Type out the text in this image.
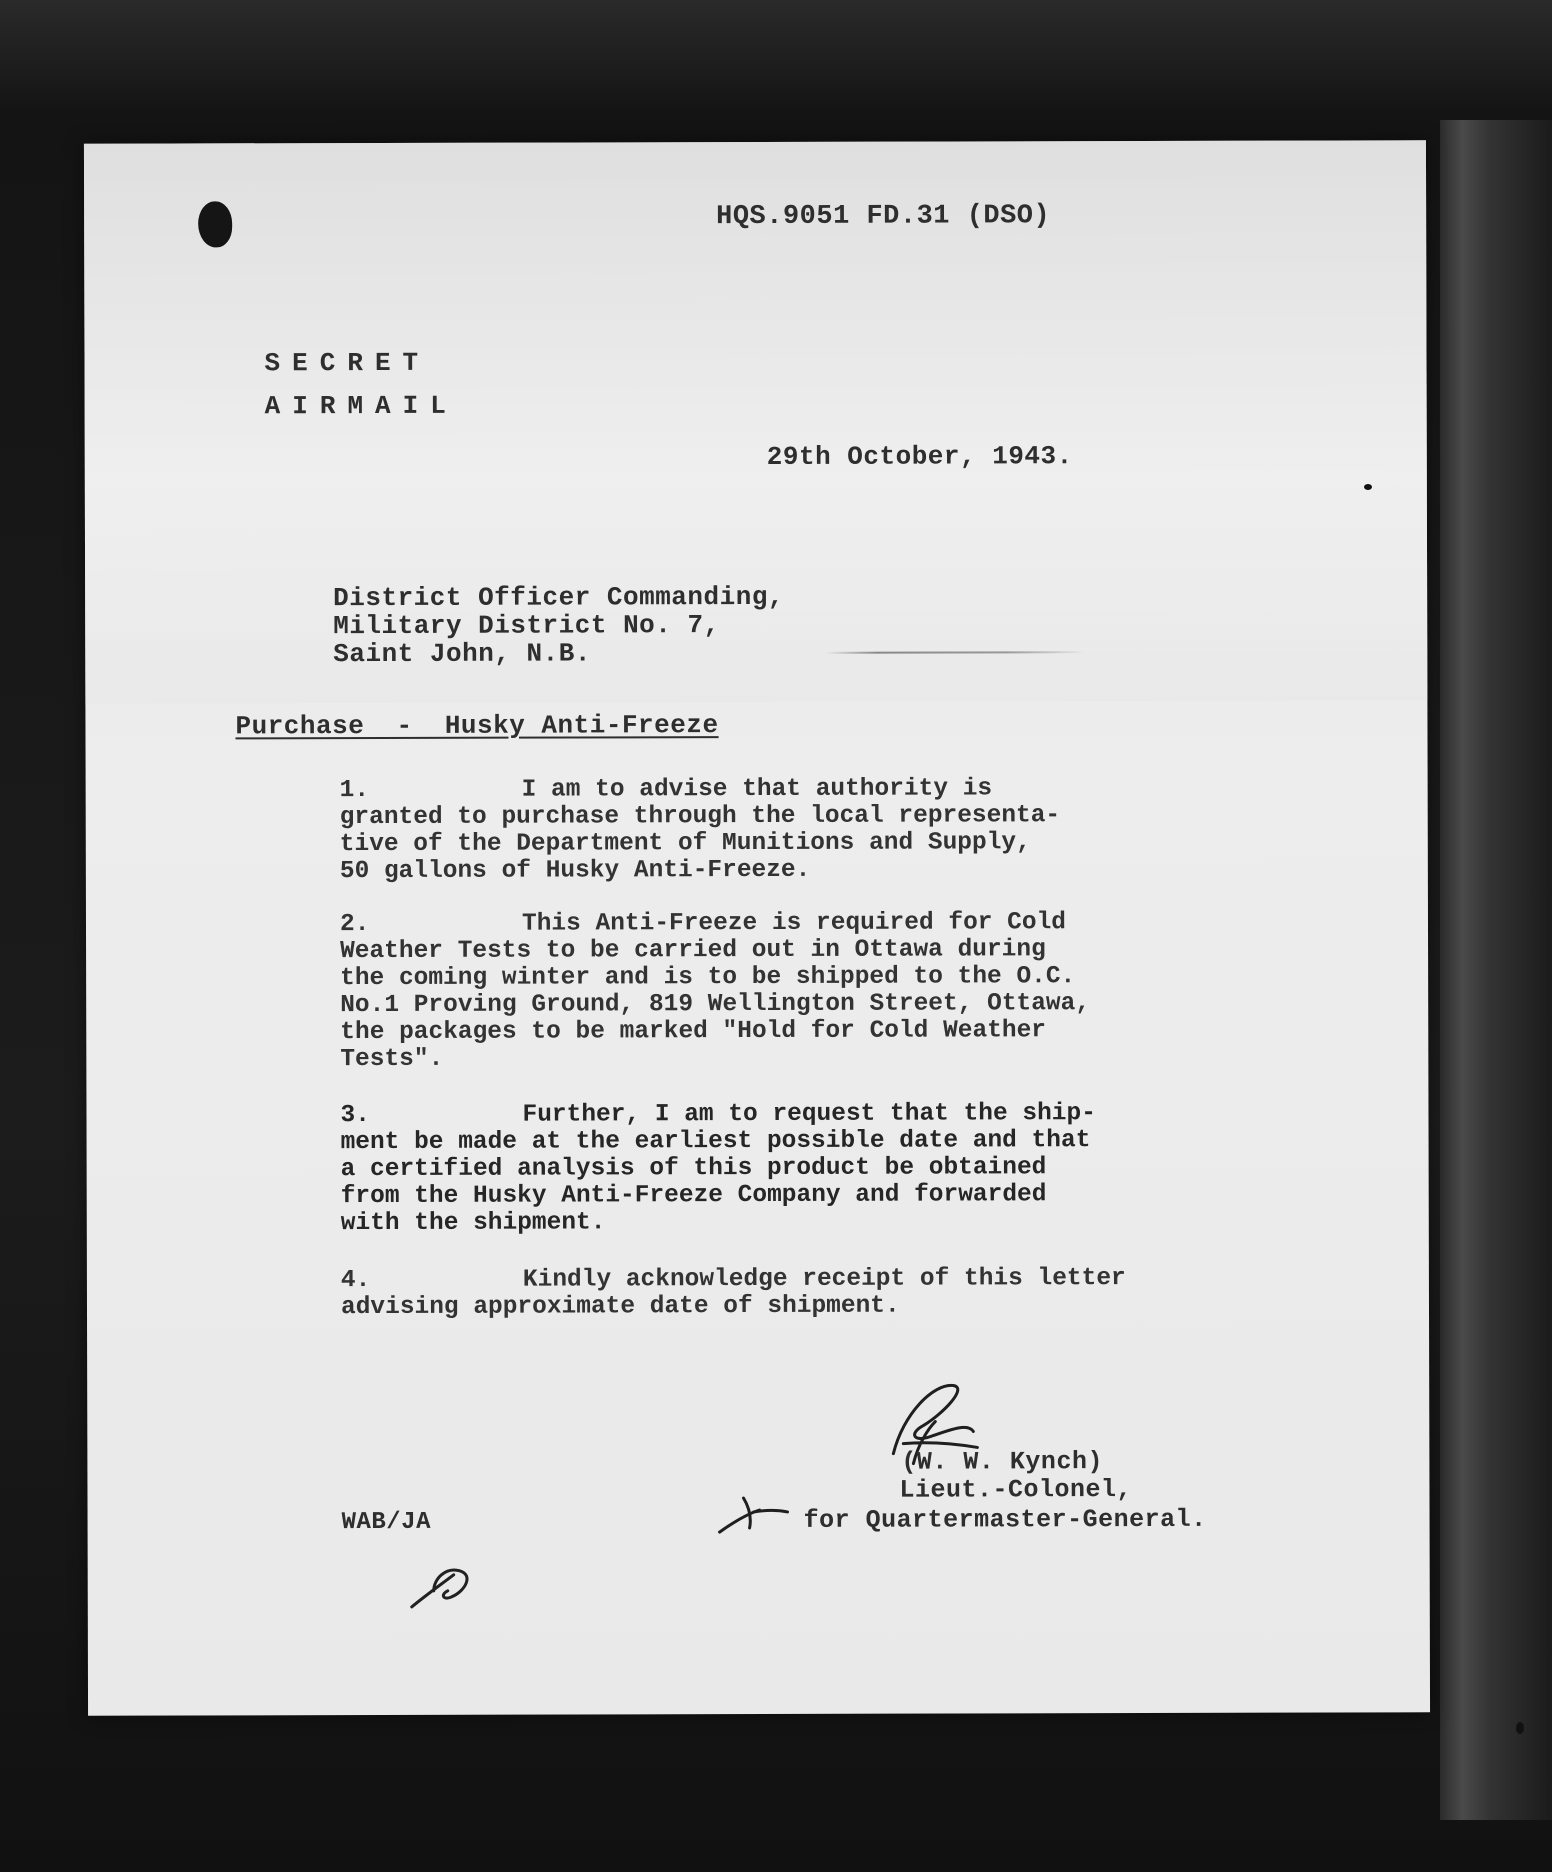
HQS.9051 FD.31 (DSO)
SECRET
AIRMAIL
29th October, 1943.
District Officer Commanding,
Military District No. 7,
Saint John, N.B.
Purchase  -  Husky Anti-Freeze
1.	I am to advise that authority is
granted to purchase through the local representa-
tive of the Department of Munitions and Supply,
50 gallons of Husky Anti-Freeze.
2.	This Anti-Freeze is required for Cold
Weather Tests to be carried out in Ottawa during
the coming winter and is to be shipped to the O.C.
No.1 Proving Ground, 819 Wellington Street, Ottawa,
the packages to be marked "Hold for Cold Weather
Tests".
3.	Further, I am to request that the ship-
ment be made at the earliest possible date and that
a certified analysis of this product be obtained
from the Husky Anti-Freeze Company and forwarded
with the shipment.
4.	Kindly acknowledge receipt of this letter
advising approximate date of shipment.
(W. W. Kynch)
Lieut.-Colonel,
for Quartermaster-General.
WAB/JA
